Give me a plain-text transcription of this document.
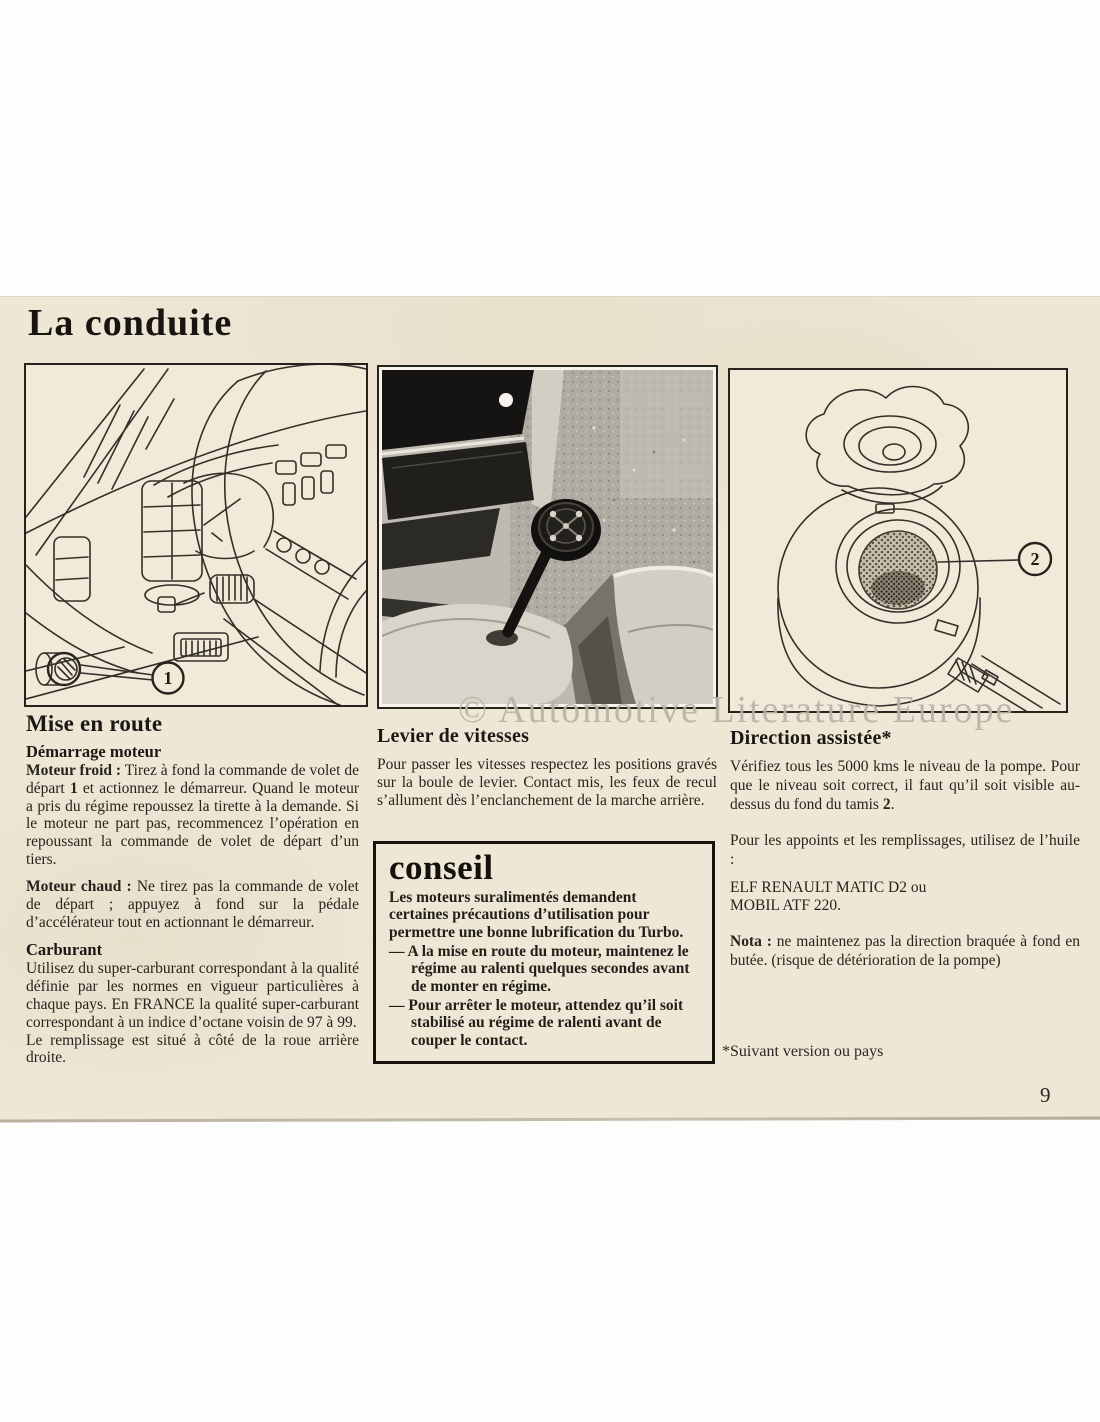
La conduite
1
2
Mise en route
Démarrage moteur

Moteur froid : Tirez à fond la commande de volet de départ 1 et actionnez le démarreur. Quand le moteur a pris du régime repoussez la tirette à la demande. Si le moteur ne part pas, recommencez l’opération en repoussant la commande de volet de départ d’un tiers.

Moteur chaud : Ne tirez pas la commande de volet de départ ; appuyez à fond sur la pédale d’accélérateur tout en actionnant le démarreur.

Carburant

Utilisez du super-carburant correspondant à la qualité définie par les normes en vigueur particulières à chaque pays. En FRANCE la qualité super-carburant correspondant à un indice d’octane voisin de 97 à 99.

Le remplissage est situé à côté de la roue arrière droite.

Levier de vitesses

Pour passer les vitesses respectez les positions gravés sur la boule de levier. Contact mis, les feux de recul s’allument dès l’enclanchement de la marche arrière.

conseil

Les moteurs suralimentés demandent certaines précautions d’utilisation pour permettre une bonne lubrification du Turbo.

— A la mise en route du moteur, maintenez le régime au ralenti quelques secondes avant de monter en régime.

— Pour arrêter le moteur, attendez qu’il soit stabilisé au régime de ralenti avant de couper le contact.

Direction assistée*

Vérifiez tous les 5000 kms le niveau de la pompe. Pour que le niveau soit correct, il faut qu’il soit visible au-dessus du fond du tamis 2.

Pour les appoints et les remplissages, utilisez de l’huile :

ELF RENAULT MATIC D2 ou

MOBIL ATF 220.

Nota : ne maintenez pas la direction braquée à fond en butée. (risque de détérioration de la pompe)

*Suivant version ou pays
9
© Automotive Literature Europe
